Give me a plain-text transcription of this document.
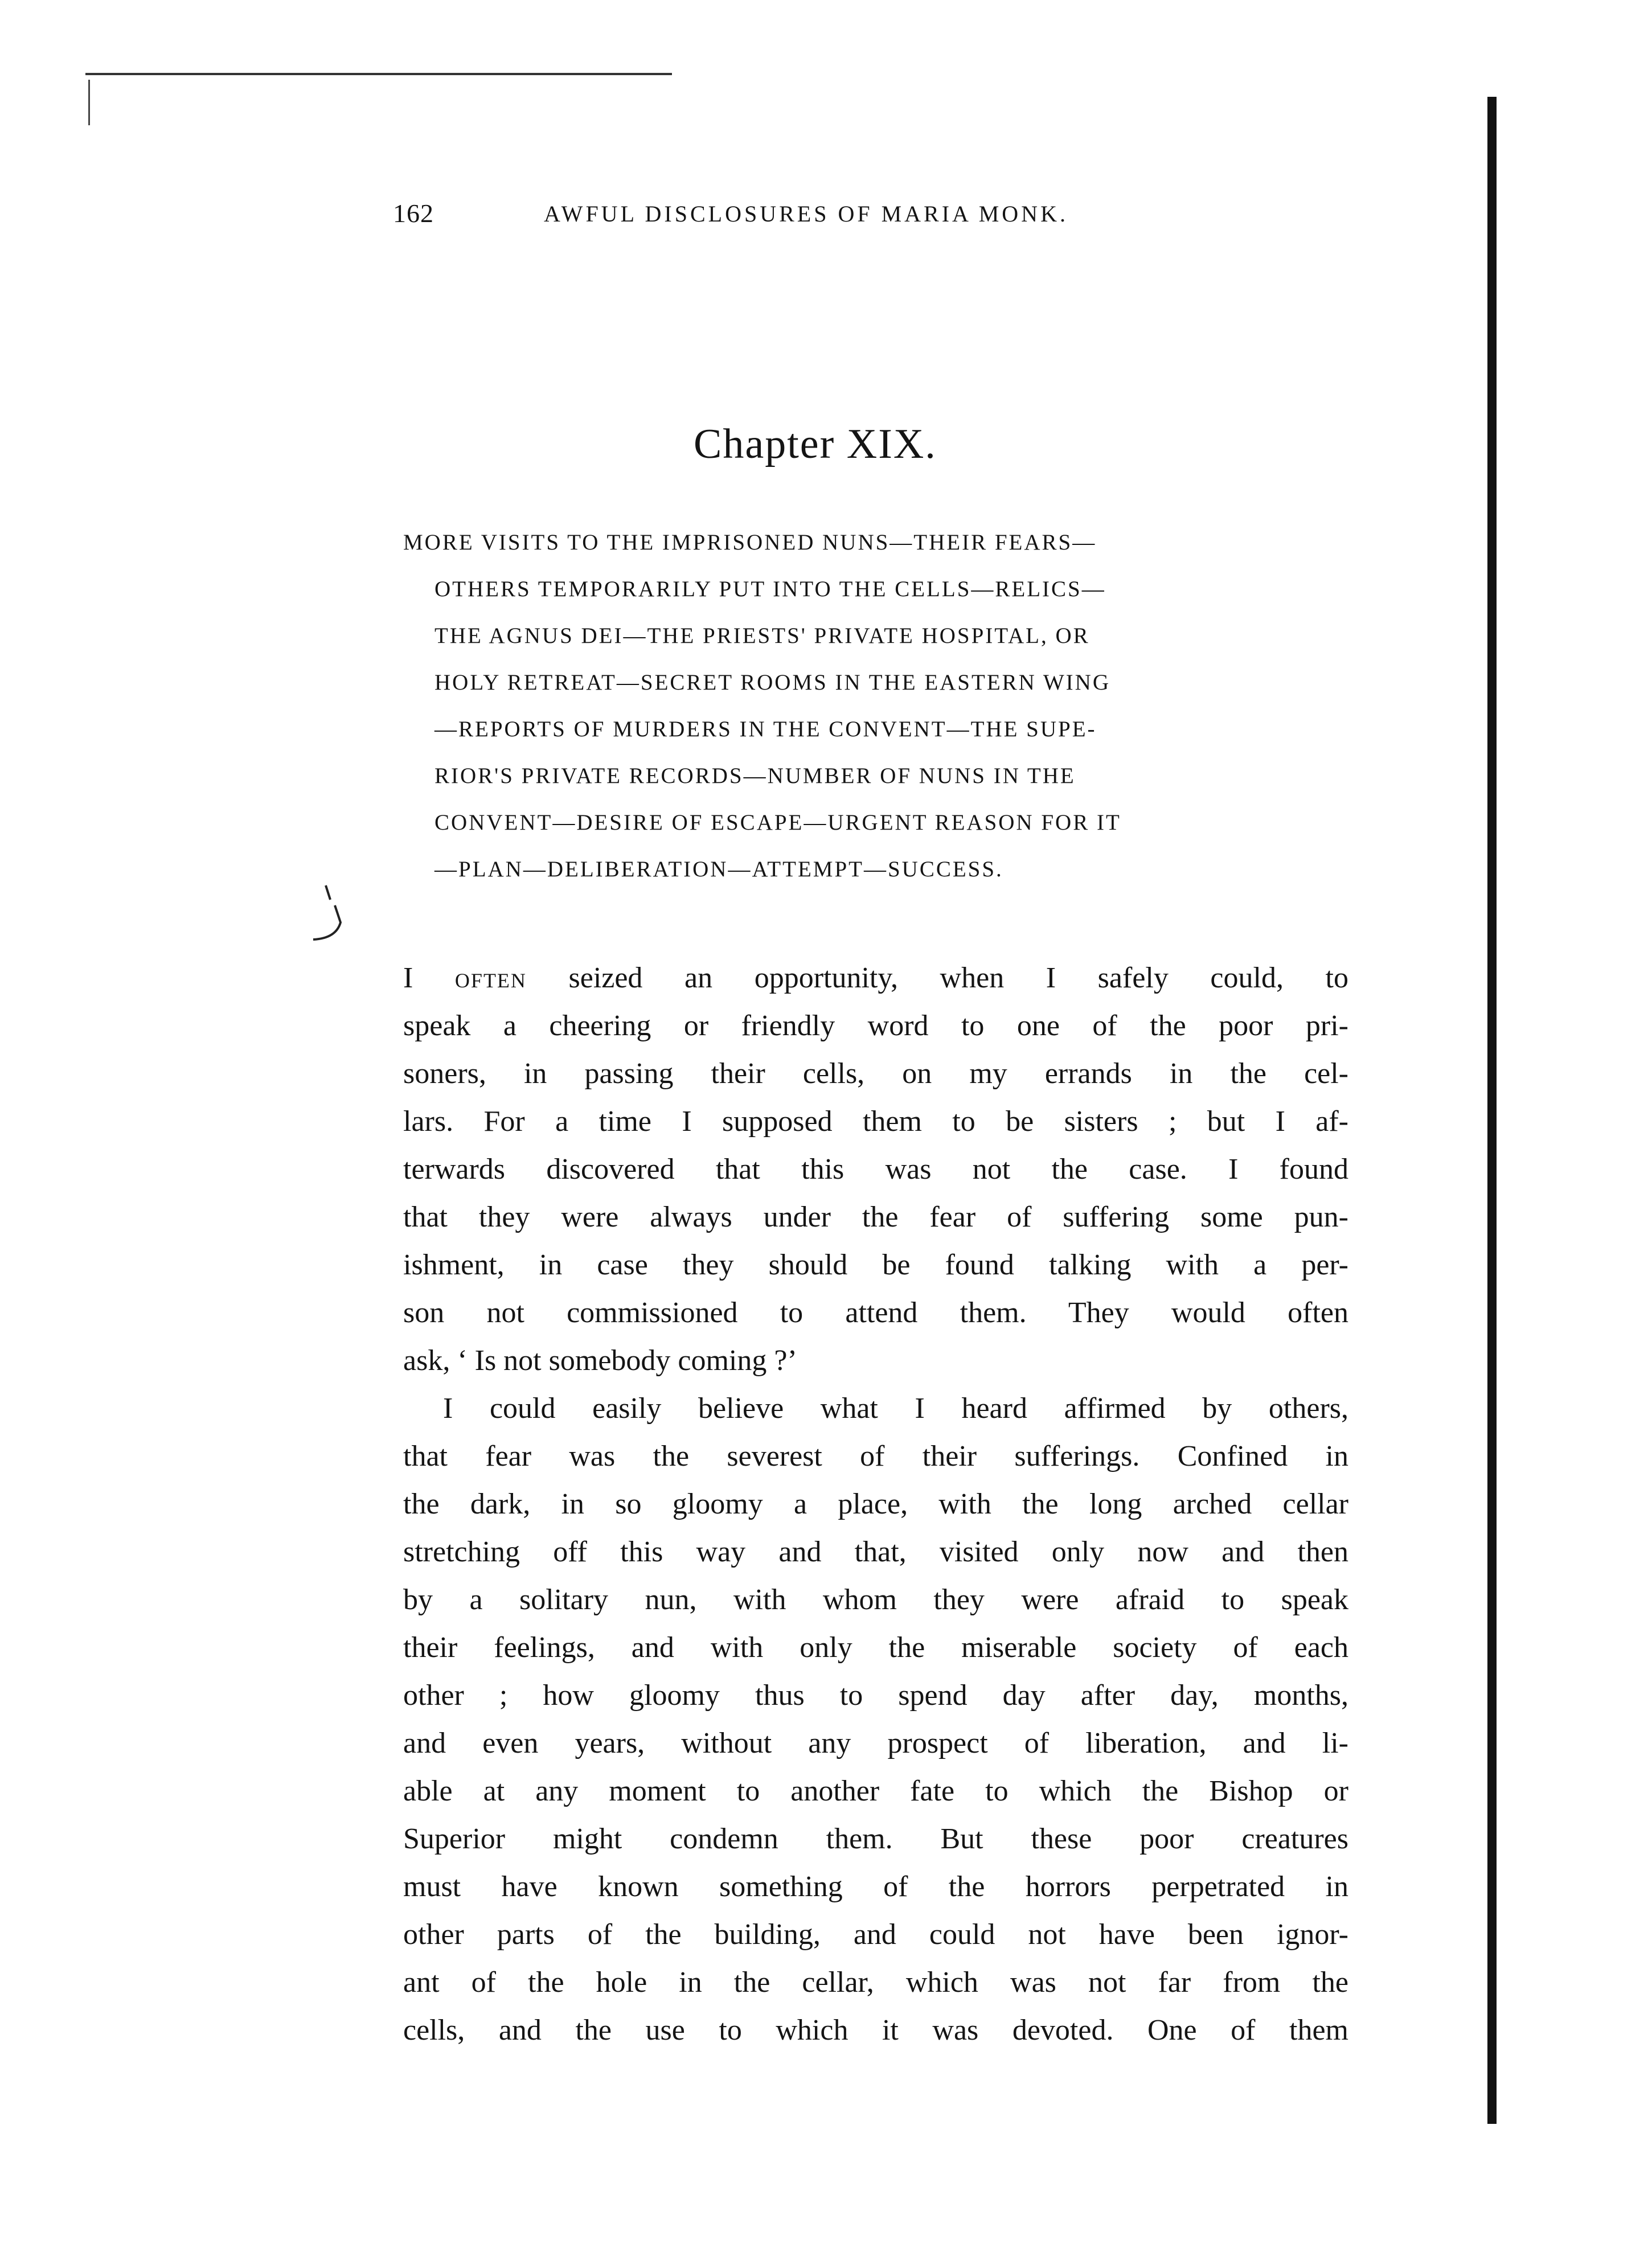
162	AWFUL DISCLOSURES OF MARIA MONK.
Chapter XIX.
MORE VISITS TO THE IMPRISONED NUNS—THEIR FEARS—
OTHERS TEMPORARILY PUT INTO THE CELLS—RELICS—
THE AGNUS DEI—THE PRIESTS' PRIVATE HOSPITAL, OR
HOLY RETREAT—SECRET ROOMS IN THE EASTERN WING
—REPORTS OF MURDERS IN THE CONVENT—THE SUPE-
RIOR'S PRIVATE RECORDS—NUMBER OF NUNS IN THE
CONVENT—DESIRE OF ESCAPE—URGENT REASON FOR IT
—PLAN—DELIBERATION—ATTEMPT—SUCCESS.
I often seized an opportunity, when I safely could, to
speak a cheering or friendly word to one of the poor pri-
soners, in passing their cells, on my errands in the cel-
lars. For a time I supposed them to be sisters ; but I af-
terwards discovered that this was not the case. I found
that they were always under the fear of suffering some pun-
ishment, in case they should be found talking with a per-
son not commissioned to attend them. They would often
ask, ‘ Is not somebody coming ?’
I could easily believe what I heard affirmed by others,
that fear was the severest of their sufferings. Confined in
the dark, in so gloomy a place, with the long arched cellar
stretching off this way and that, visited only now and then
by a solitary nun, with whom they were afraid to speak
their feelings, and with only the miserable society of each
other ; how gloomy thus to spend day after day, months,
and even years, without any prospect of liberation, and li-
able at any moment to another fate to which the Bishop or
Superior might condemn them. But these poor creatures
must have known something of the horrors perpetrated in
other parts of the building, and could not have been ignor-
ant of the hole in the cellar, which was not far from the
cells, and the use to which it was devoted. One of them
